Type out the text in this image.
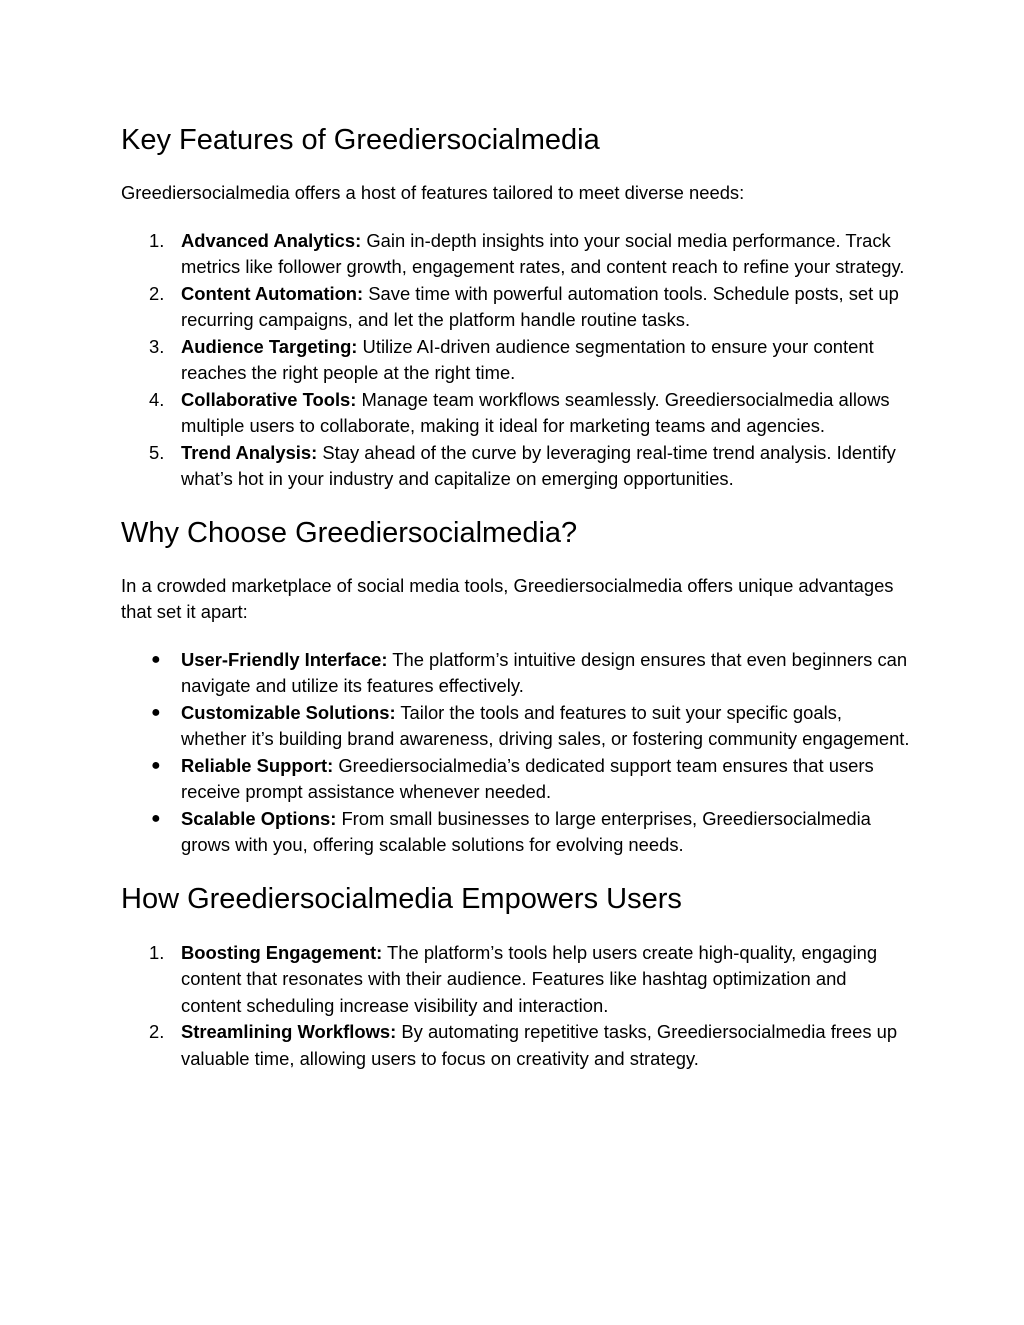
Key Features of Greediersocialmedia

Greediersocialmedia offers a host of features tailored to meet diverse needs:

1. Advanced Analytics: Gain in-depth insights into your social media performance. Track metrics like follower growth, engagement rates, and content reach to refine your strategy.
2. Content Automation: Save time with powerful automation tools. Schedule posts, set up recurring campaigns, and let the platform handle routine tasks.
3. Audience Targeting: Utilize AI-driven audience segmentation to ensure your content reaches the right people at the right time.
4. Collaborative Tools: Manage team workflows seamlessly. Greediersocialmedia allows multiple users to collaborate, making it ideal for marketing teams and agencies.
5. Trend Analysis: Stay ahead of the curve by leveraging real-time trend analysis. Identify what’s hot in your industry and capitalize on emerging opportunities.
Why Choose Greediersocialmedia?

In a crowded marketplace of social media tools, Greediersocialmedia offers unique advantages that set it apart:

●	User-Friendly Interface: The platform’s intuitive design ensures that even beginners can navigate and utilize its features effectively.
●	Customizable Solutions: Tailor the tools and features to suit your specific goals, whether it’s building brand awareness, driving sales, or fostering community engagement.
●	Reliable Support: Greediersocialmedia’s dedicated support team ensures that users receive prompt assistance whenever needed.
●	Scalable Options: From small businesses to large enterprises, Greediersocialmedia grows with you, offering scalable solutions for evolving needs.
How Greediersocialmedia Empowers Users
1. Boosting Engagement: The platform’s tools help users create high-quality, engaging content that resonates with their audience. Features like hashtag optimization and content scheduling increase visibility and interaction.
2. Streamlining Workflows: By automating repetitive tasks, Greediersocialmedia frees up valuable time, allowing users to focus on creativity and strategy.
